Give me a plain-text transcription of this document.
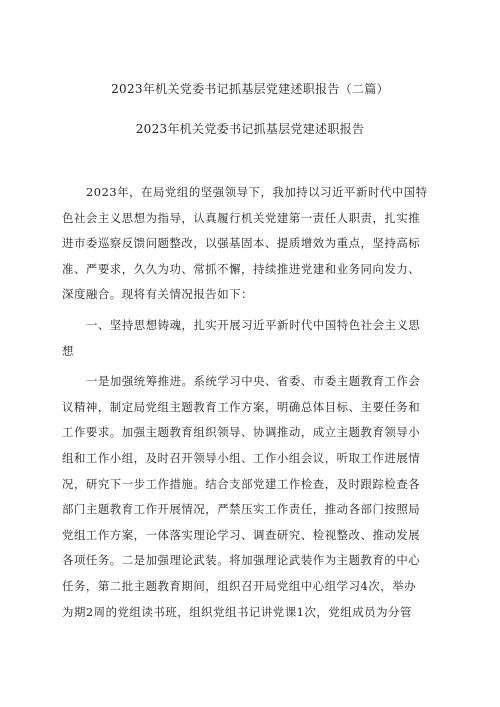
2023年机关党委书记抓基层党建述职报告（二篇）
2023年机关党委书记抓基层党建述职报告
2023年，在局党组的坚强领导下，我加持以习近平新时代中国特
色社会主义思想为指导，认真履行机关党建第一责任人职责，扎实推
进市委巡察反馈问题整改，以强基固本、提质增效为重点，坚持高标
准、严要求，久久为功、常抓不懈，持续推进党建和业务同向发力、
深度融合。现将有关情况报告如下：
一、坚持思想铸魂，扎实开展习近平新时代中国特色社会主义思
想
一是加强统筹推进。系统学习中央、省委、市委主题教育工作会
议精神，制定局党组主题教育工作方案，明确总体目标、主要任务和
工作要求。加强主题教育组织领导、协调推动，成立主题教育领导小
组和工作小组，及时召开领导小组、工作小组会议，听取工作进展情
况，研究下一步工作措施。结合支部党建工作检查，及时跟踪检查各
部门主题教育工作开展情况，严禁压实工作责任，推动各部门按照局
党组工作方案，一体落实理论学习、调查研究、检视整改、推动发展
各项任务。二是加强理论武装。将加强理论武装作为主题教育的中心
任务，第二批主题教育期间，组织召开局党组中心组学习4次，举办
为期2周的党组读书班，组织党组书记讲党课1次，党组成员为分管
